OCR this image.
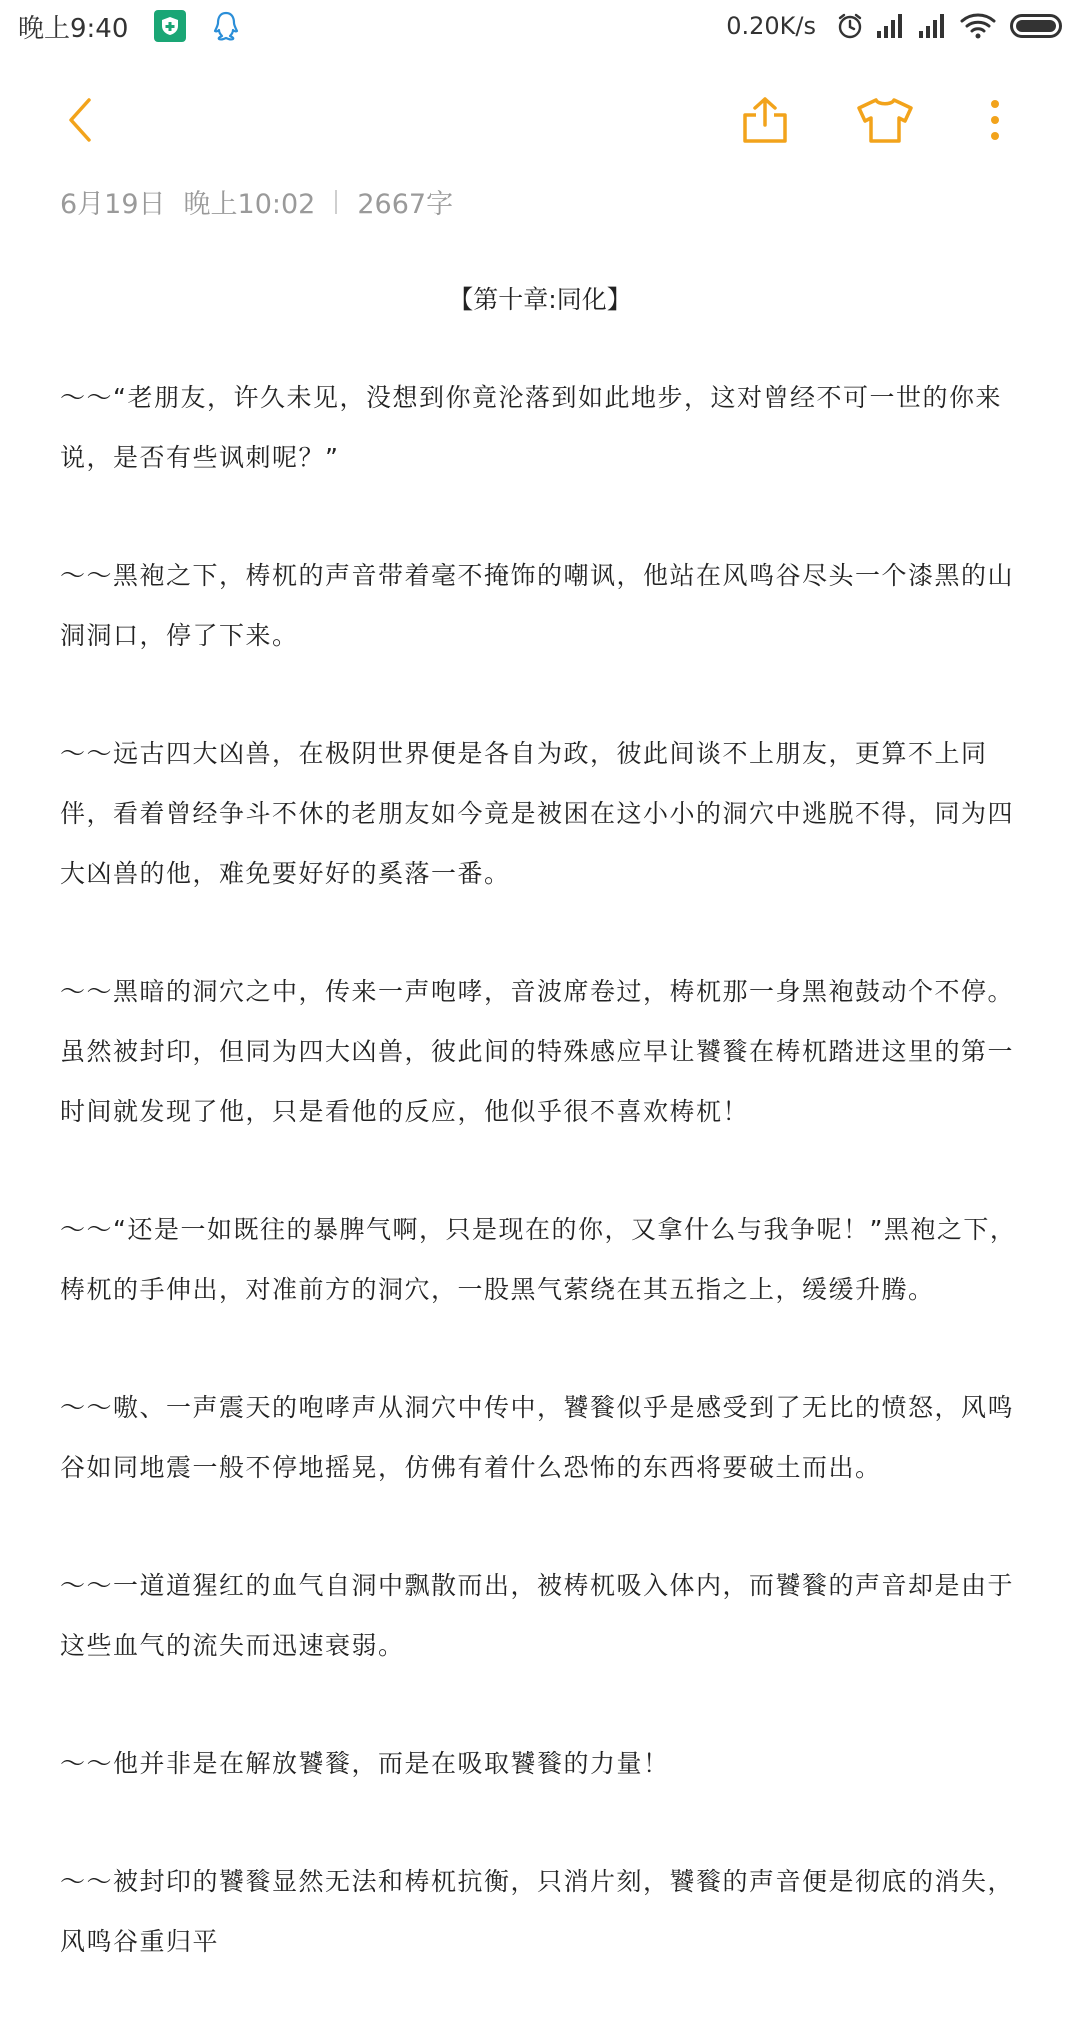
晚上9:40	0.20K/s
6月19日 晚上10:02 2667字
【第十章:同化】

～～“老朋友，许久未见，没想到你竟沦落到如此地步，这对曾经不可一世的你来说，是否有些讽刺呢？”

～～黑袍之下，梼杌的声音带着毫不掩饰的嘲讽，他站在风鸣谷尽头一个漆黑的山洞洞口，停了下来。

～～远古四大凶兽，在极阴世界便是各自为政，彼此间谈不上朋友，更算不上同伴，看着曾经争斗不休的老朋友如今竟是被困在这小小的洞穴中逃脱不得，同为四大凶兽的他，难免要好好的奚落一番。

～～黑暗的洞穴之中，传来一声咆哮，音波席卷过，梼杌那一身黑袍鼓动个不停。虽然被封印，但同为四大凶兽，彼此间的特殊感应早让饕餮在梼杌踏进这里的第一时间就发现了他，只是看他的反应，他似乎很不喜欢梼杌！

～～“还是一如既往的暴脾气啊，只是现在的你，又拿什么与我争呢！”黑袍之下，梼杌的手伸出，对准前方的洞穴，一股黑气萦绕在其五指之上，缓缓升腾。

～～嗷、一声震天的咆哮声从洞穴中传中，饕餮似乎是感受到了无比的愤怒，风鸣谷如同地震一般不停地摇晃，仿佛有着什么恐怖的东西将要破土而出。

～～一道道猩红的血气自洞中飘散而出，被梼杌吸入体内，而饕餮的声音却是由于这些血气的流失而迅速衰弱。

～～他并非是在解放饕餮，而是在吸取饕餮的力量！

～～被封印的饕餮显然无法和梼杌抗衡，只消片刻，饕餮的声音便是彻底的消失，风鸣谷重归平
